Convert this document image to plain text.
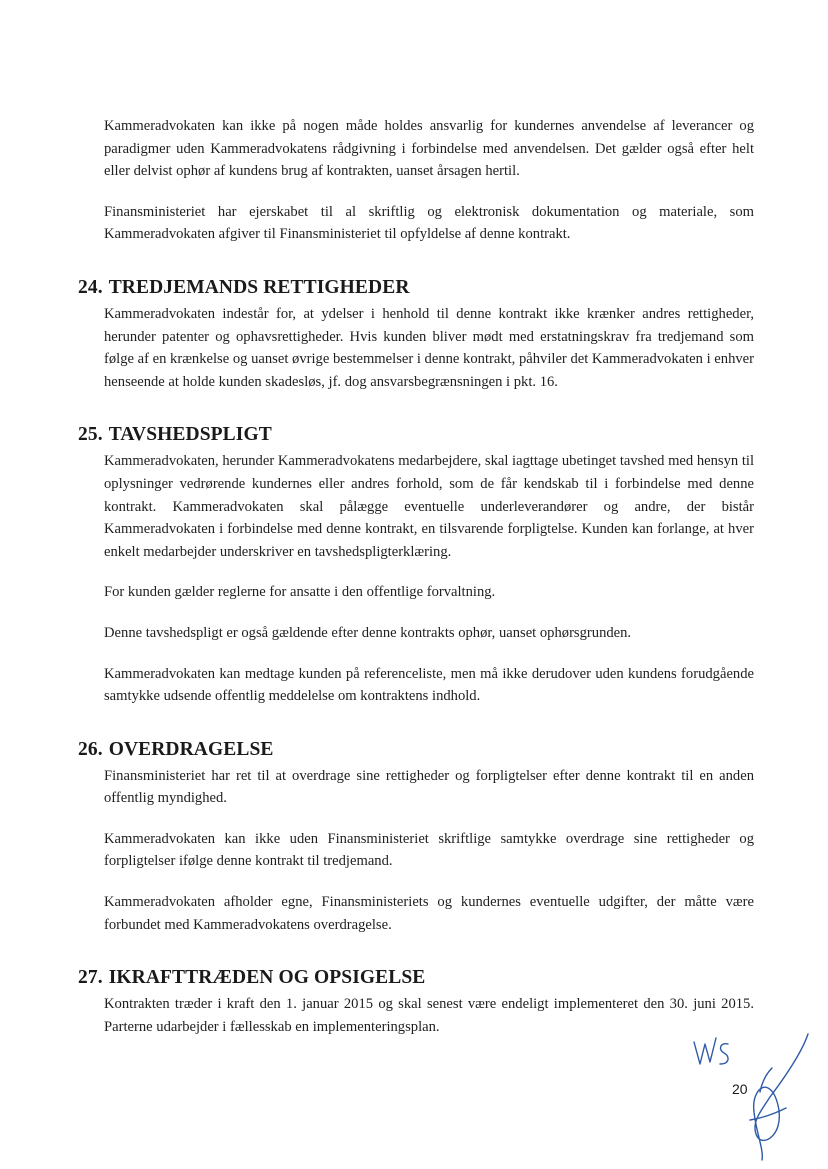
Kammeradvokaten kan ikke på nogen måde holdes ansvarlig for kundernes anvendelse af leverancer og paradigmer uden Kammeradvokatens rådgivning i forbindelse med anvendelsen. Det gælder også efter helt eller delvist ophør af kundens brug af kontrakten, uanset årsagen hertil.

Finansministeriet har ejerskabet til al skriftlig og elektronisk dokumentation og materiale, som Kammeradvokaten afgiver til Finansministeriet til opfyldelse af denne kontrakt.

24. TREDJEMANDS RETTIGHEDER

Kammeradvokaten indestår for, at ydelser i henhold til denne kontrakt ikke krænker andres rettigheder, herunder patenter og ophavsrettigheder. Hvis kunden bliver mødt med erstatningskrav fra tredjemand som følge af en krænkelse og uanset øvrige bestemmelser i denne kontrakt, påhviler det Kammeradvokaten i enhver henseende at holde kunden skadesløs, jf. dog ansvarsbegrænsningen i pkt. 16.

25. TAVSHEDSPLIGT

Kammeradvokaten, herunder Kammeradvokatens medarbejdere, skal iagttage ubetinget tavshed med hensyn til oplysninger vedrørende kundernes eller andres forhold, som de får kendskab til i forbindelse med denne kontrakt. Kammeradvokaten skal pålægge eventuelle underleverandører og andre, der bistår Kammeradvokaten i forbindelse med denne kontrakt, en tilsvarende forpligtelse. Kunden kan forlange, at hver enkelt medarbejder underskriver en tavshedspligterklæring.

For kunden gælder reglerne for ansatte i den offentlige forvaltning.

Denne tavshedspligt er også gældende efter denne kontrakts ophør, uanset ophørsgrunden.

Kammeradvokaten kan medtage kunden på referenceliste, men må ikke derudover uden kundens forudgående samtykke udsende offentlig meddelelse om kontraktens indhold.

26. OVERDRAGELSE

Finansministeriet har ret til at overdrage sine rettigheder og forpligtelser efter denne kontrakt til en anden offentlig myndighed.

Kammeradvokaten kan ikke uden Finansministeriet skriftlige samtykke overdrage sine rettigheder og forpligtelser ifølge denne kontrakt til tredjemand.

Kammeradvokaten afholder egne, Finansministeriets og kundernes eventuelle udgifter, der måtte være forbundet med Kammeradvokatens overdragelse.

27. IKRAFTTRÆDEN OG OPSIGELSE

Kontrakten træder i kraft den 1. januar 2015 og skal senest være endeligt implementeret den 30. juni 2015. Parterne udarbejder i fællesskab en implementeringsplan.

20
